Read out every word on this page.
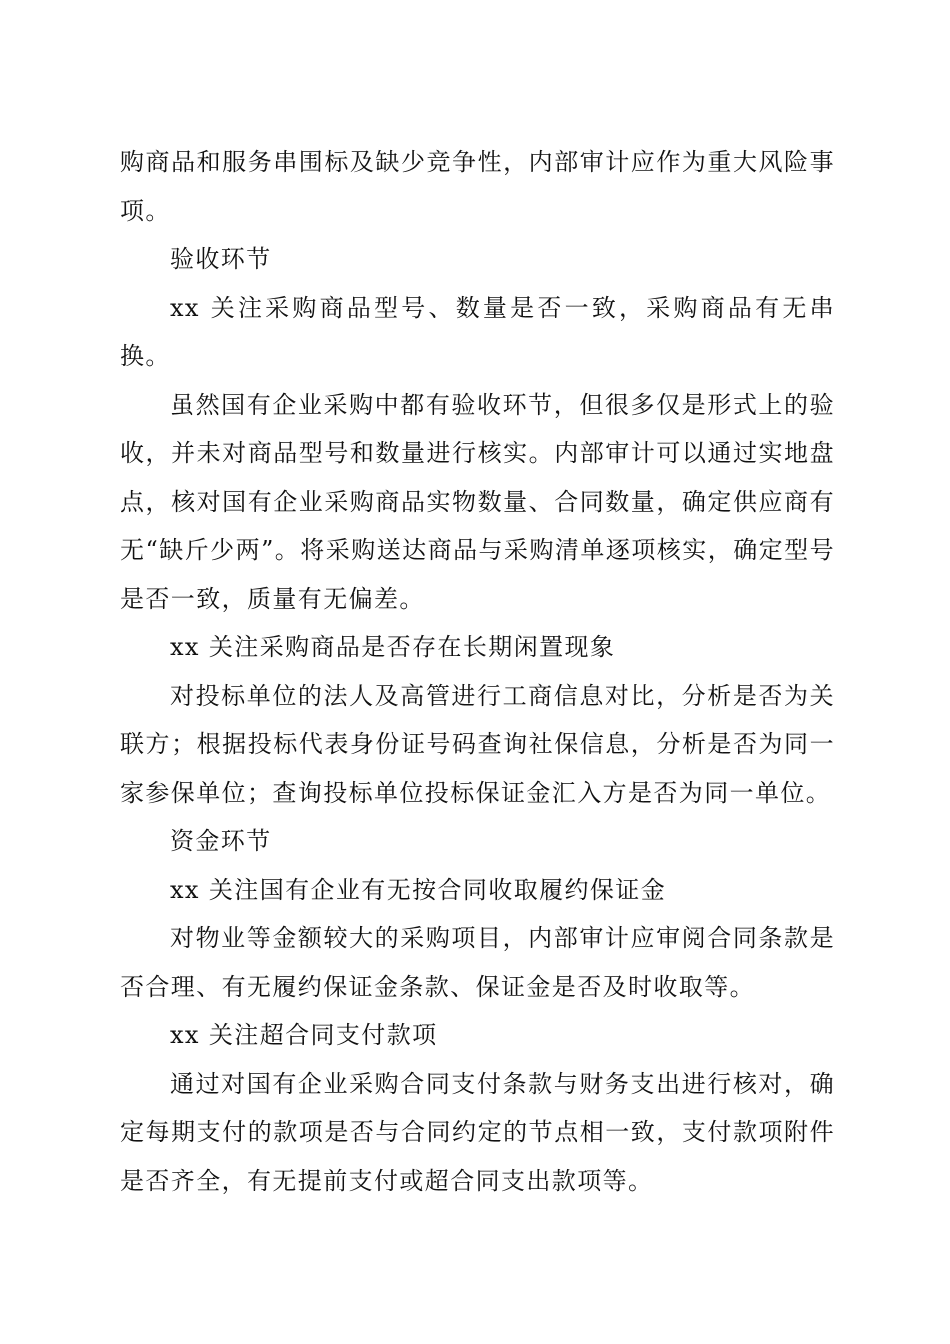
购商品和服务串围标及缺少竞争性，内部审计应作为重大风险事项。

验收环节

xx 关注采购商品型号、数量是否一致，采购商品有无串换。

虽然国有企业采购中都有验收环节，但很多仅是形式上的验收，并未对商品型号和数量进行核实。内部审计可以通过实地盘点，核对国有企业采购商品实物数量、合同数量，确定供应商有无“缺斤少两”。将采购送达商品与采购清单逐项核实，确定型号是否一致，质量有无偏差。

xx 关注采购商品是否存在长期闲置现象

对投标单位的法人及高管进行工商信息对比，分析是否为关联方；根据投标代表身份证号码查询社保信息，分析是否为同一家参保单位；查询投标单位投标保证金汇入方是否为同一单位。

资金环节

xx 关注国有企业有无按合同收取履约保证金

对物业等金额较大的采购项目，内部审计应审阅合同条款是否合理、有无履约保证金条款、保证金是否及时收取等。

xx 关注超合同支付款项

通过对国有企业采购合同支付条款与财务支出进行核对，确定每期支付的款项是否与合同约定的节点相一致，支付款项附件是否齐全，有无提前支付或超合同支出款项等。
